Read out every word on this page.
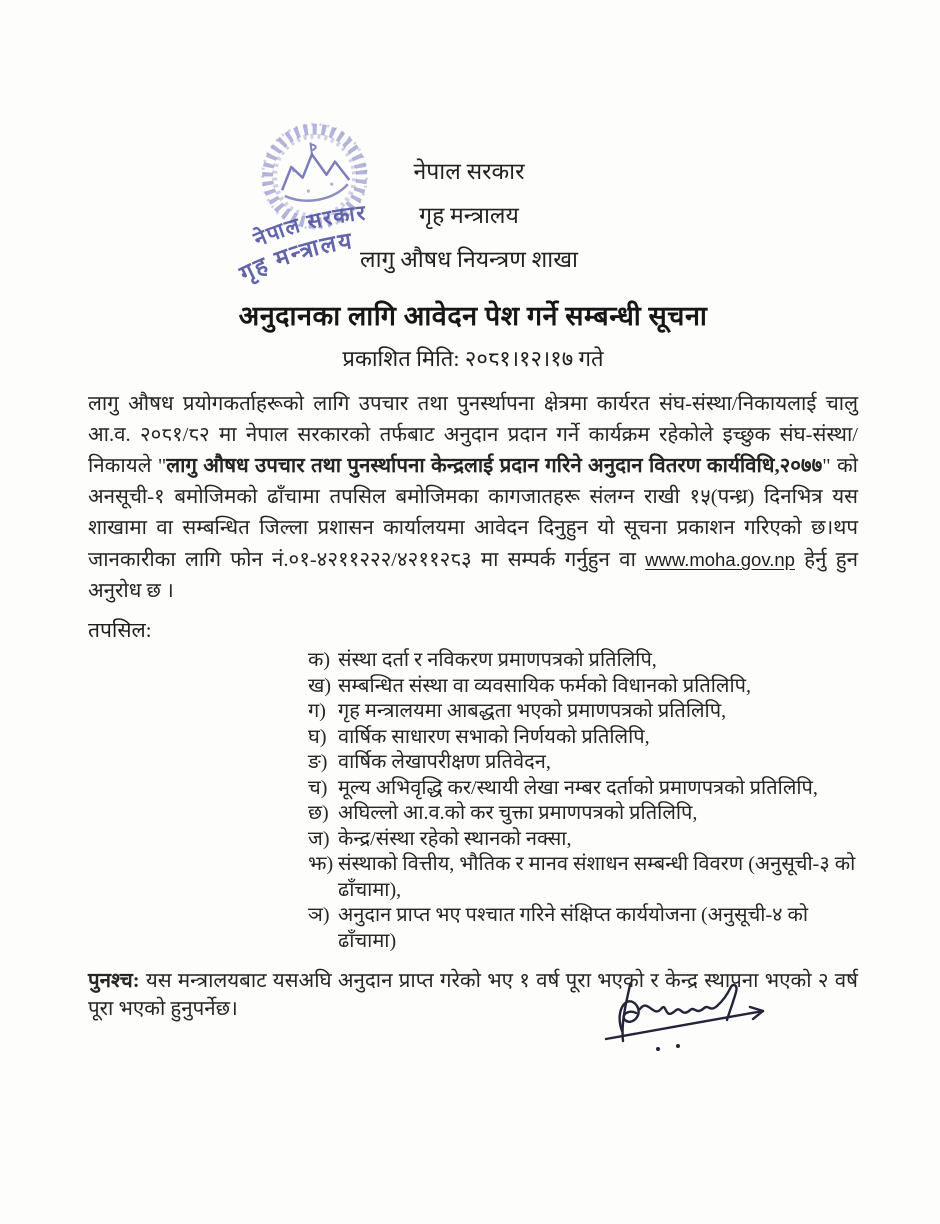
नेपाल सरकार
गृह मन्त्रालय
नेपाल सरकार
गृह मन्त्रालय
लागु औषध नियन्त्रण शाखा
अनुदानका लागि आवेदन पेश गर्ने सम्बन्धी सूचना
प्रकाशित मिति: २०८१।१२।१७ गते

लागु औषध प्रयोगकर्ताहरूको लागि उपचार तथा पुनर्स्थापना क्षेत्रमा कार्यरत संघ-संस्था/निकायलाई चालु आ.व. २०८१/८२ मा नेपाल सरकारको तर्फबाट अनुदान प्रदान गर्ने कार्यक्रम रहेकोले इच्छुक संघ-संस्था/निकायले "लागु औषध उपचार तथा पुनर्स्थापना केन्द्रलाई प्रदान गरिने अनुदान वितरण कार्यविधि,२०७७" को अनसूची-१ बमोजिमको ढाँचामा तपसिल बमोजिमका कागजातहरू संलग्न राखी १५(पन्ध्र) दिनभित्र यस शाखामा वा सम्बन्धित जिल्ला प्रशासन कार्यालयमा आवेदन दिनुहुन यो सूचना प्रकाशन गरिएको छ।थप जानकारीका लागि फोन नं.०१-४२११२२२/४२११२८३ मा सम्पर्क गर्नुहुन वा www.moha.gov.np हेर्नु हुन अनुरोध छ ।

तपसिल:
क) संस्था दर्ता र नविकरण प्रमाणपत्रको प्रतिलिपि,
ख) सम्बन्धित संस्था वा व्यवसायिक फर्मको विधानको प्रतिलिपि,
ग) गृह मन्त्रालयमा आबद्धता भएको प्रमाणपत्रको प्रतिलिपि,
घ) वार्षिक साधारण सभाको निर्णयको प्रतिलिपि,
ङ) वार्षिक लेखापरीक्षण प्रतिवेदन,
च) मूल्य अभिवृद्धि कर/स्थायी लेखा नम्बर दर्ताको प्रमाणपत्रको प्रतिलिपि,
छ) अघिल्लो आ.व.को कर चुक्ता प्रमाणपत्रको प्रतिलिपि,
ज) केन्द्र/संस्था रहेको स्थानको नक्सा,
झ) संस्थाको वित्तीय, भौतिक र मानव संशाधन सम्बन्धी विवरण (अनुसूची-३ को ढाँचामा),
ञ) अनुदान प्राप्त भए पश्चात गरिने संक्षिप्त कार्ययोजना (अनुसूची-४ को ढाँचामा)
पुनश्च: यस मन्त्रालयबाट यसअघि अनुदान प्राप्त गरेको भए १ वर्ष पूरा भएको र केन्द्र स्थापना भएको २ वर्ष पूरा भएको हुनुपर्नेछ।
